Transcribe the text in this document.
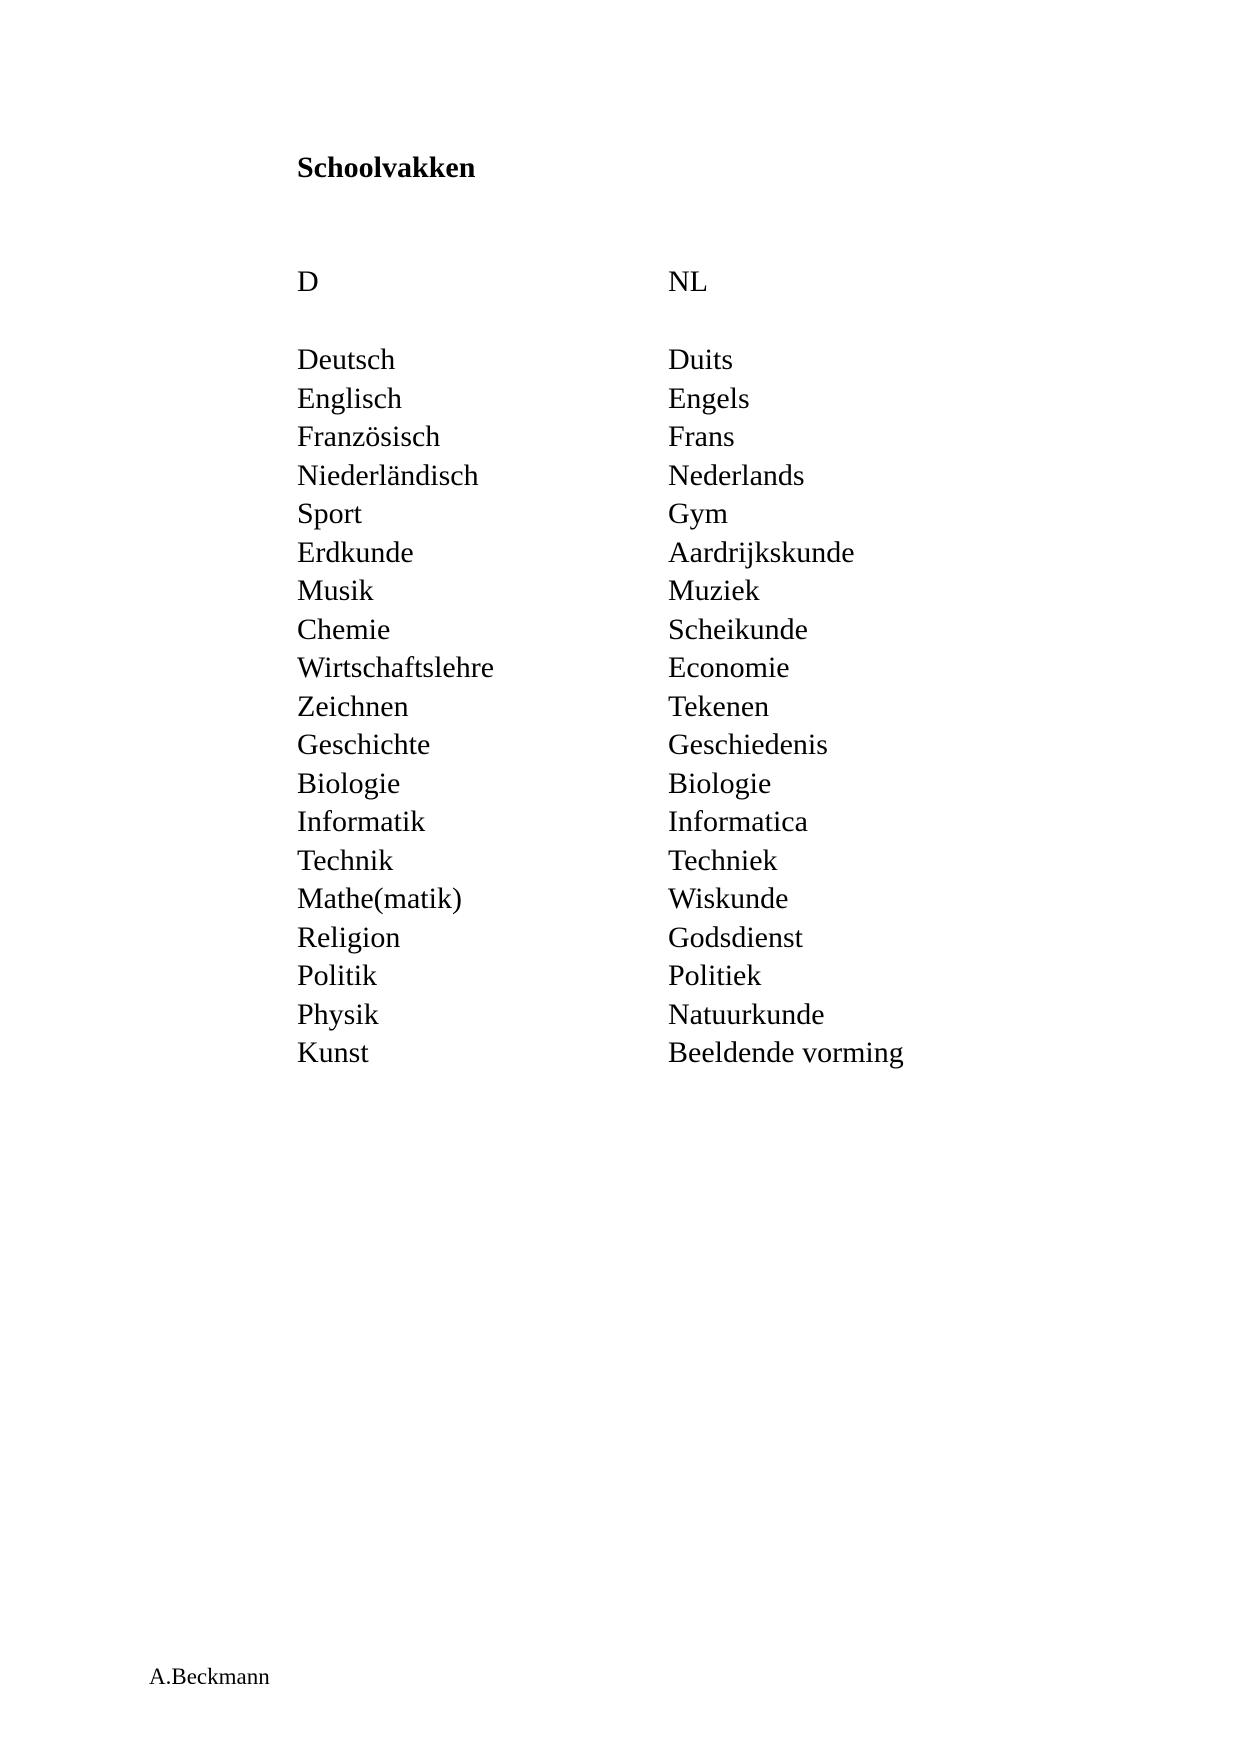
Schoolvakken
D	NL
Deutsch
Englisch
Französisch
Niederländisch
Sport
Erdkunde
Musik
Chemie
Wirtschaftslehre
Zeichnen
Geschichte
Biologie
Informatik
Technik
Mathe(matik)
Religion
Politik
Physik
Kunst
Duits
Engels
Frans
Nederlands
Gym
Aardrijkskunde
Muziek
Scheikunde
Economie
Tekenen
Geschiedenis
Biologie
Informatica
Techniek
Wiskunde
Godsdienst
Politiek
Natuurkunde
Beeldende vorming
A.Beckmann
